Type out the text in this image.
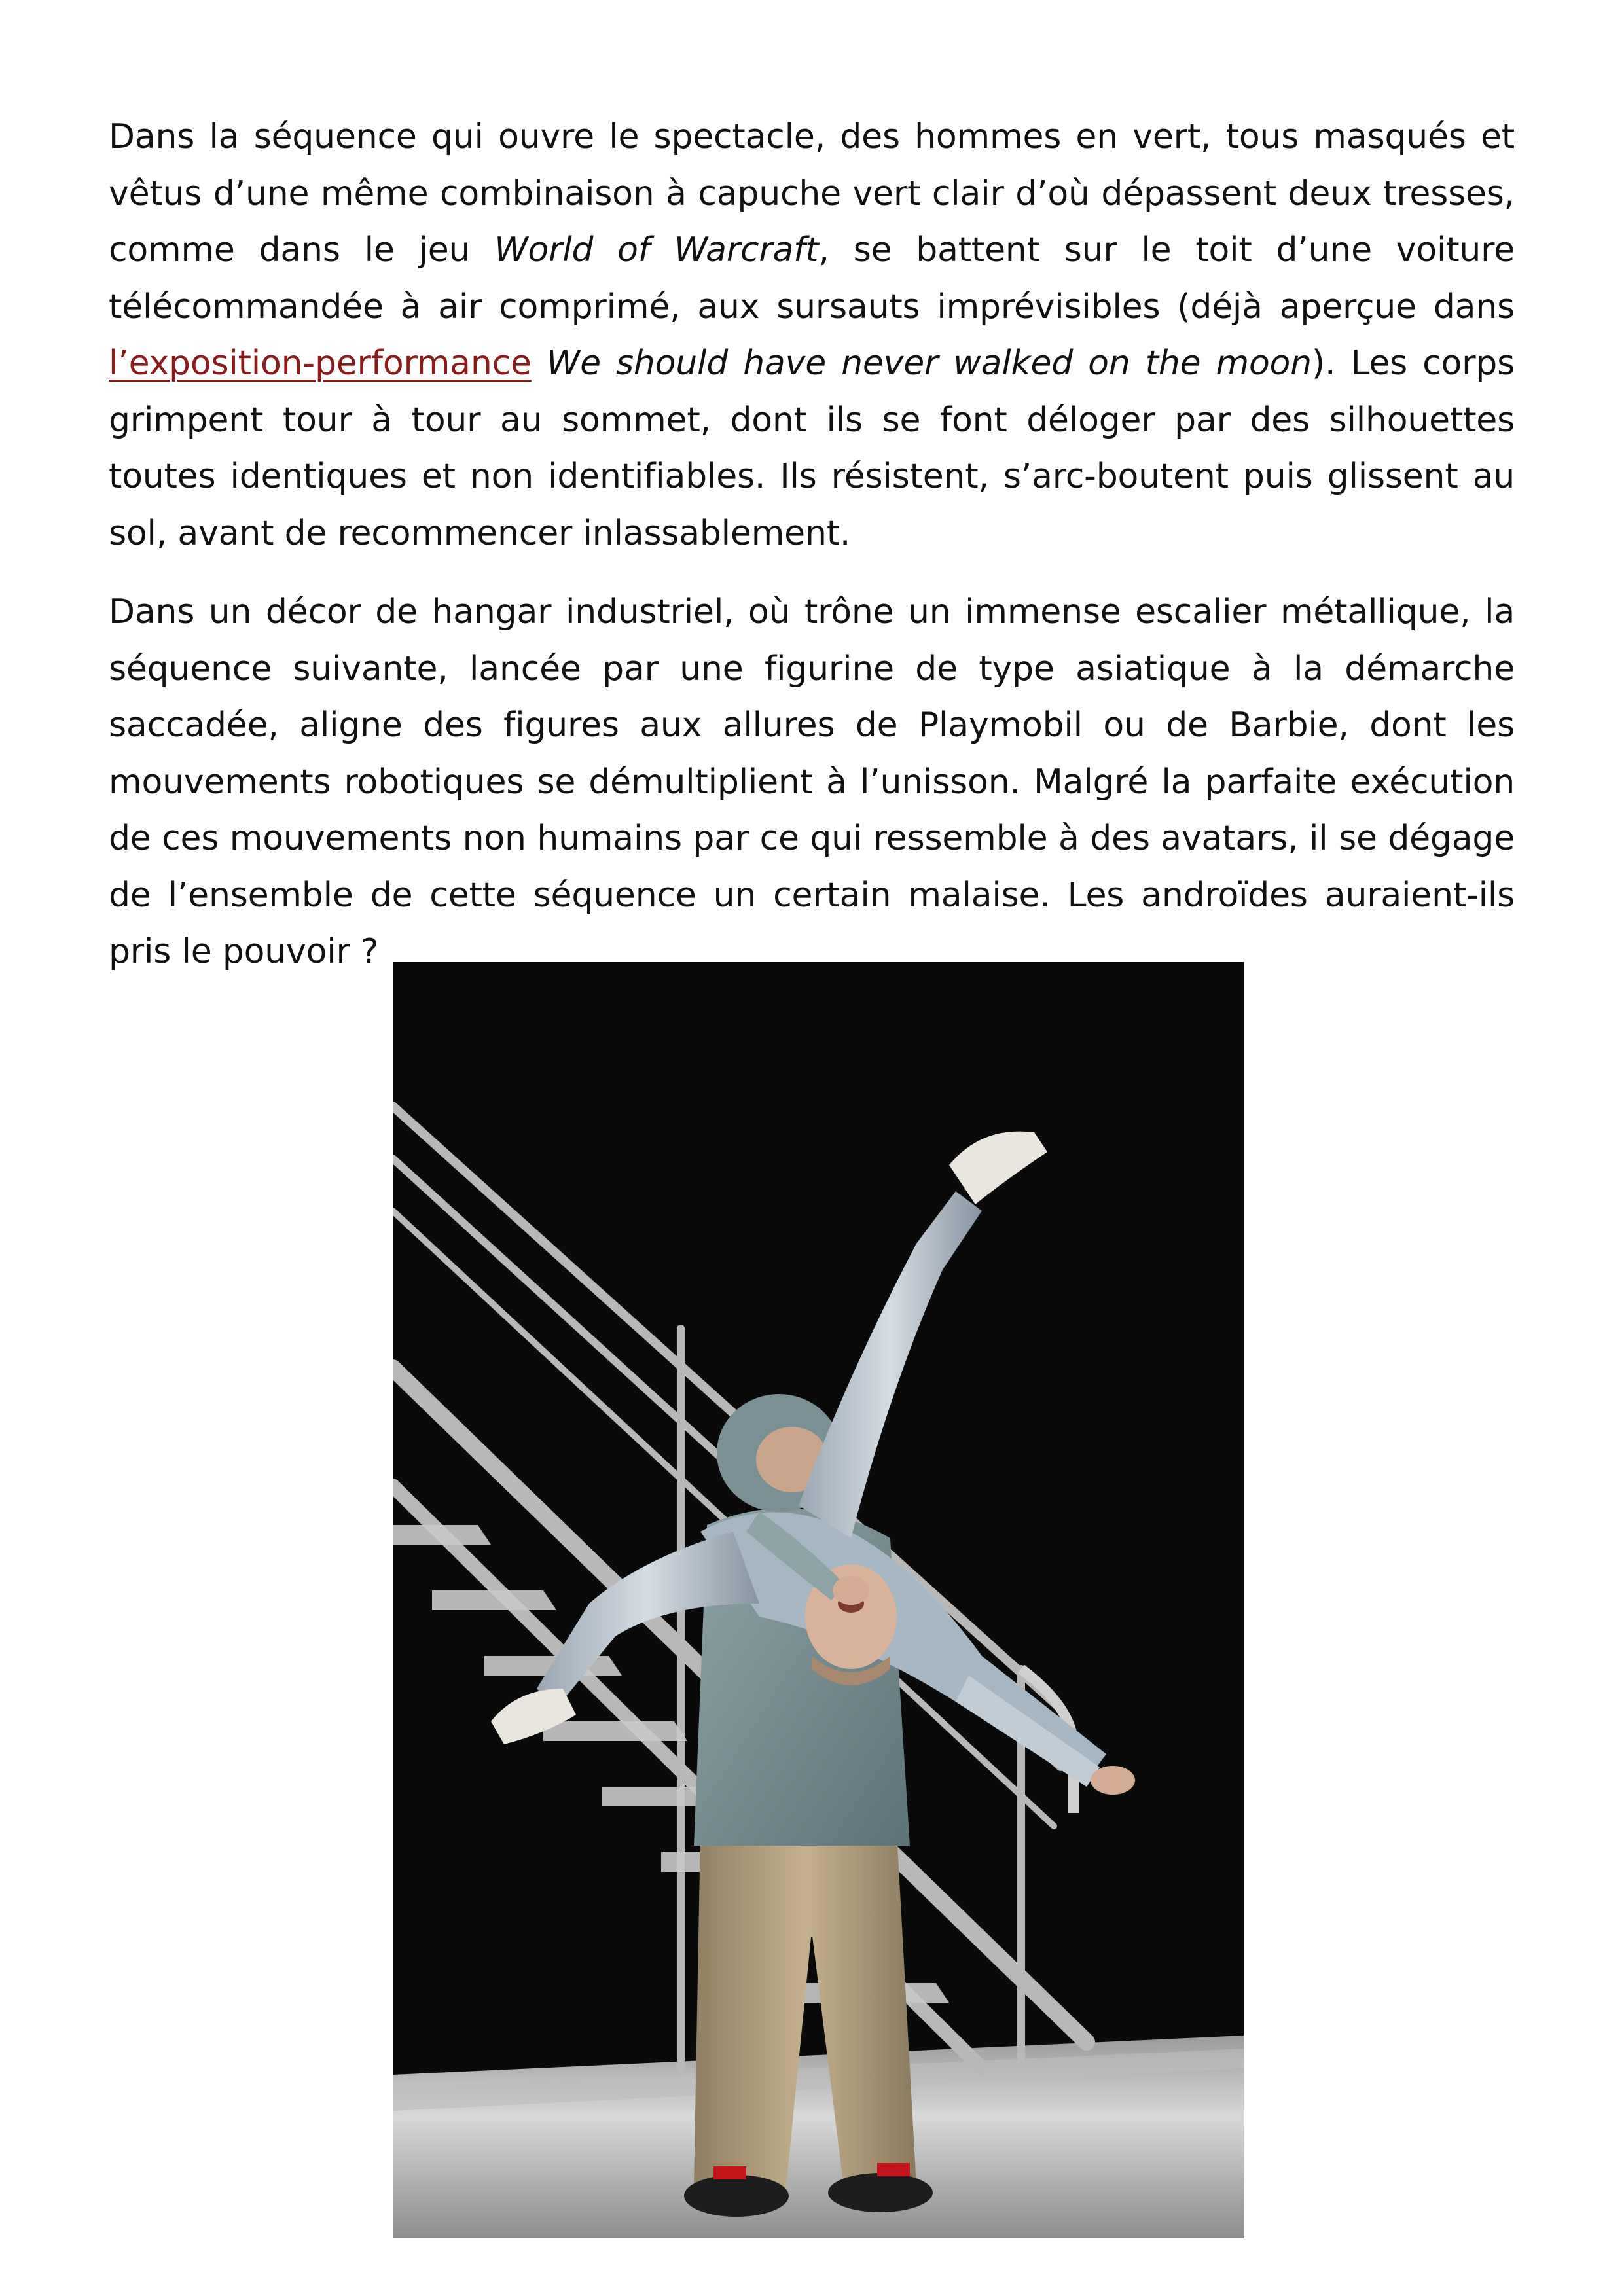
Dans la séquence qui ouvre le spectacle, des hommes en vert, tous masqués et vêtus d’une même combinaison à capuche vert clair d’où dépassent deux tresses, comme dans le jeu World of Warcraft, se battent sur le toit d’une voiture télécommandée à air comprimé, aux sursauts imprévisibles (déjà aperçue dans l’exposition-performance We should have never walked on the moon). Les corps grimpent tour à tour au sommet, dont ils se font déloger par des silhouettes toutes identiques et non identifiables. Ils résistent, s’arc-boutent puis glissent au sol, avant de recommencer inlassablement.

Dans un décor de hangar industriel, où trône un immense escalier métallique, la séquence suivante, lancée par une figurine de type asiatique à la démarche saccadée, aligne des figures aux allures de Playmobil ou de Barbie, dont les mouvements robotiques se démultiplient à l’unisson. Malgré la parfaite exécution de ces mouvements non humains par ce qui ressemble à des avatars, il se dégage de l’ensemble de cette séquence un certain malaise. Les androïdes auraient-ils pris le pouvoir ?
